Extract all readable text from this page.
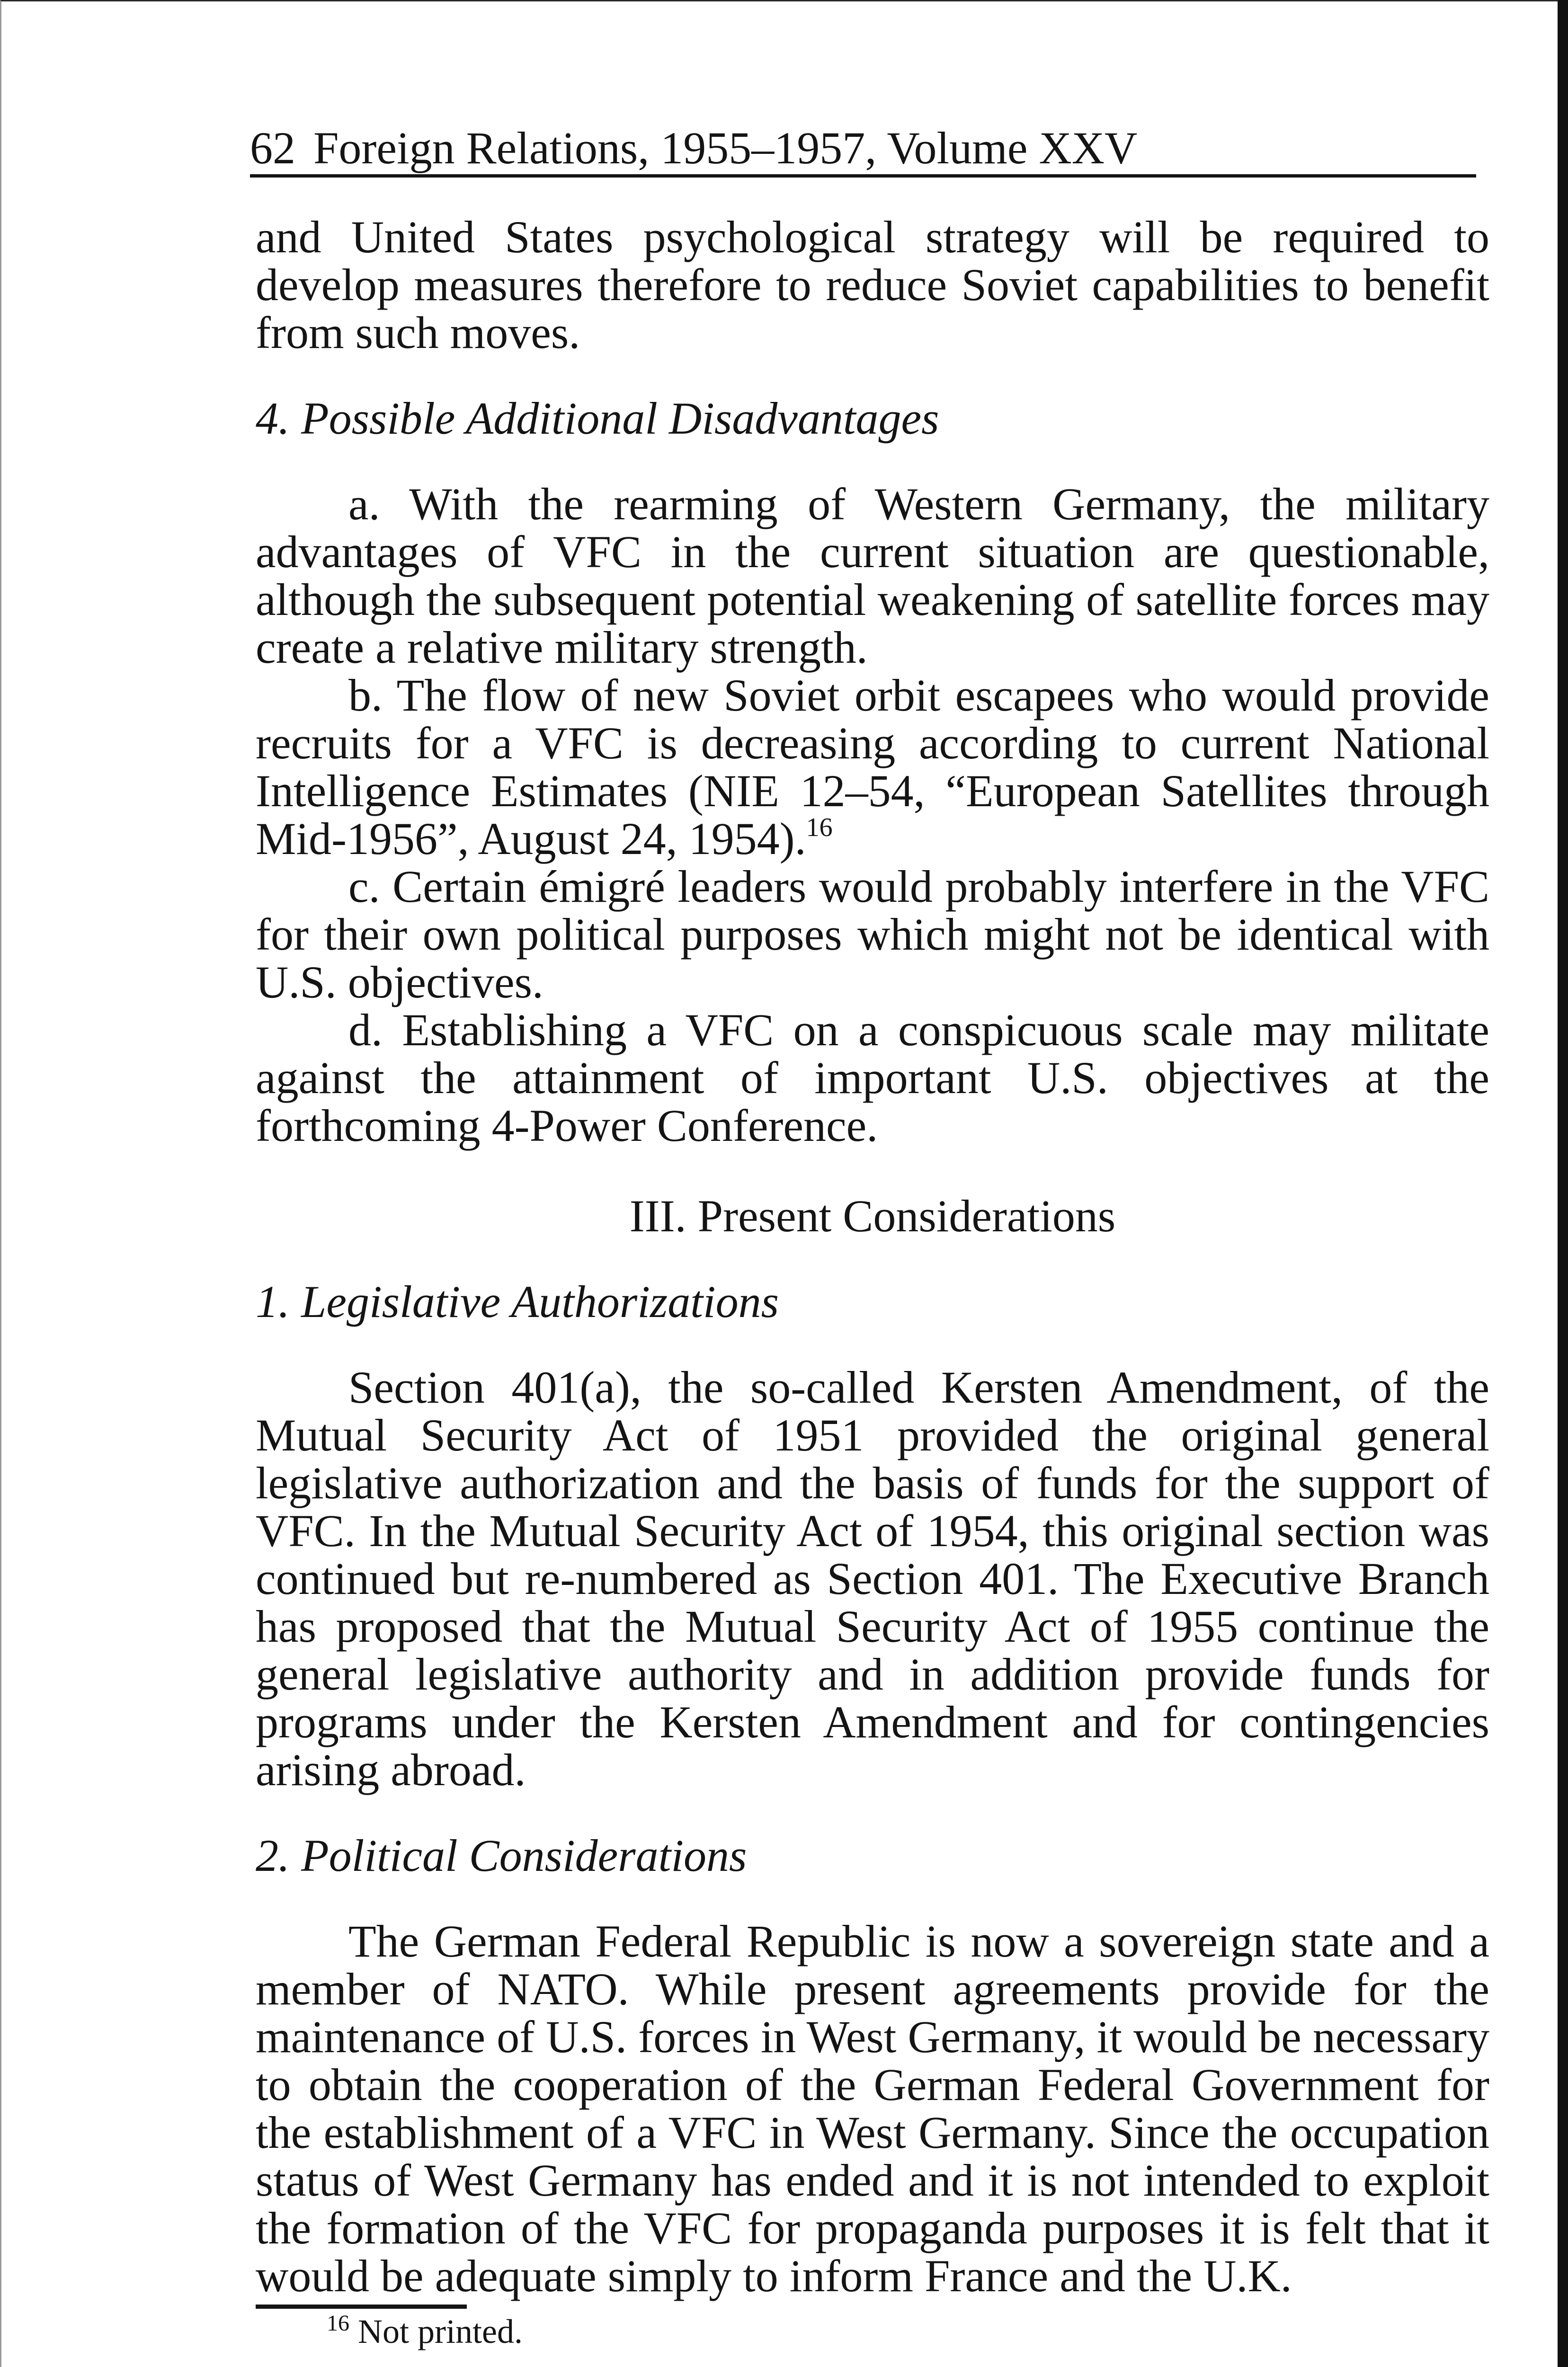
62 Foreign Relations, 1955–1957, Volume XXV

and United States psychological strategy will be required to develop measures therefore to reduce Soviet capabilities to benefit from such moves.

4. Possible Additional Disadvantages

a. With the rearming of Western Germany, the military advantages of VFC in the current situation are questionable, although the subsequent potential weakening of satellite forces may create a relative military strength.

b. The flow of new Soviet orbit escapees who would provide recruits for a VFC is decreasing according to current National Intelligence Estimates (NIE 12–54, “European Satellites through Mid-1956”, August 24, 1954).$^{16}$

c. Certain émigré leaders would probably interfere in the VFC for their own political purposes which might not be identical with U.S. objectives.

d. Establishing a VFC on a conspicuous scale may militate against the attainment of important U.S. objectives at the forthcoming 4-Power Conference.

III. Present Considerations

1. Legislative Authorizations

Section 401(a), the so-called Kersten Amendment, of the Mutual Security Act of 1951 provided the original general legislative authorization and the basis of funds for the support of VFC. In the Mutual Security Act of 1954, this original section was continued but re-numbered as Section 401. The Executive Branch has proposed that the Mutual Security Act of 1955 continue the general legislative authority and in addition provide funds for programs under the Kersten Amendment and for contingencies arising abroad.

2. Political Considerations

The German Federal Republic is now a sovereign state and a member of NATO. While present agreements provide for the maintenance of U.S. forces in West Germany, it would be necessary to obtain the cooperation of the German Federal Government for the establishment of a VFC in West Germany. Since the occupation status of West Germany has ended and it is not intended to exploit the formation of the VFC for propaganda purposes it is felt that it would be adequate simply to inform France and the U.K.

$^{16}$ Not printed.
